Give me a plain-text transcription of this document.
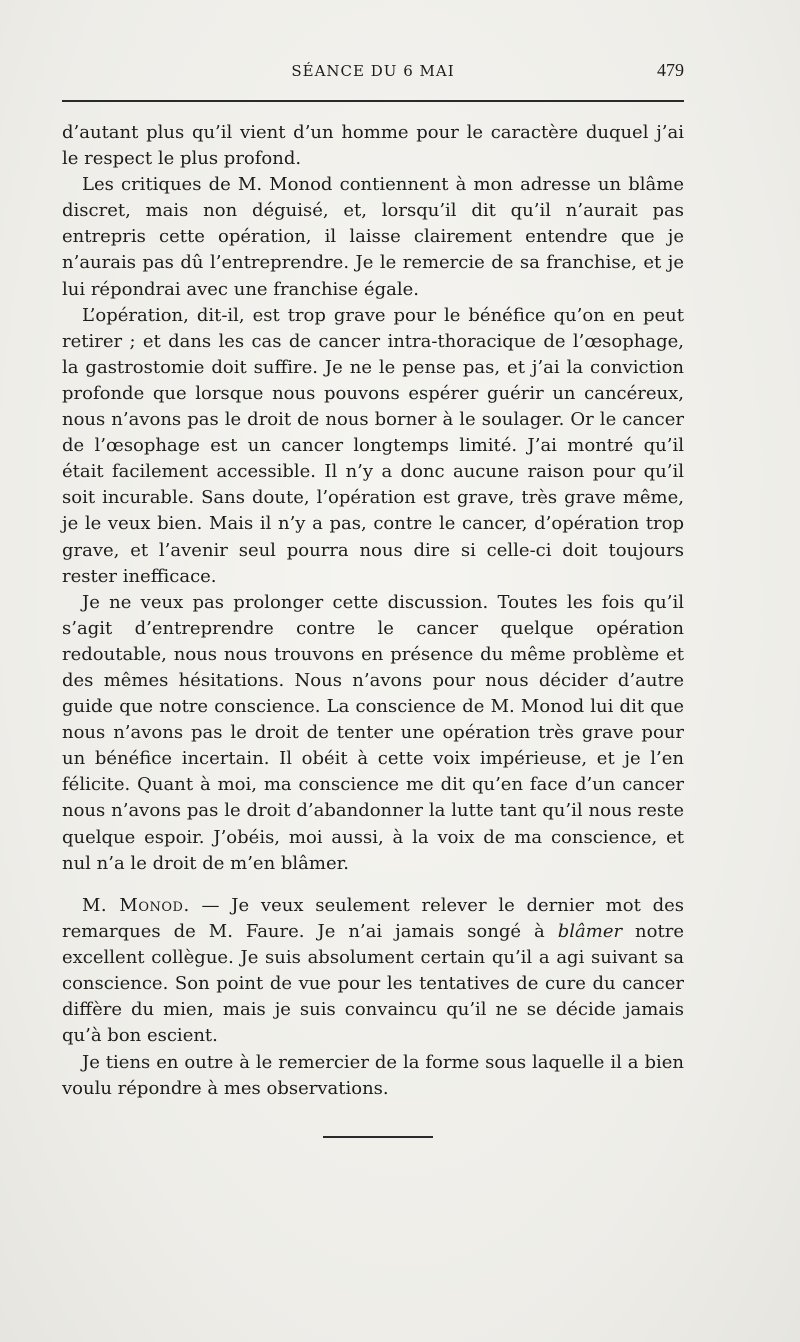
SÉANCE DU 6 MAI	479

d’autant plus qu’il vient d’un homme pour le caractère duquel j’ai le respect le plus profond.

Les critiques de M. Monod contiennent à mon adresse un blâme discret, mais non déguisé, et, lorsqu’il dit qu’il n’aurait pas entrepris cette opération, il laisse clairement entendre que je n’aurais pas dû l’entreprendre. Je le remercie de sa franchise, et je lui répondrai avec une franchise égale.

L’opération, dit-il, est trop grave pour le bénéfice qu’on en peut retirer ; et dans les cas de cancer intra-thoracique de l’œsophage, la gastrostomie doit suffire. Je ne le pense pas, et j’ai la conviction profonde que lorsque nous pouvons espérer guérir un cancéreux, nous n’avons pas le droit de nous borner à le soulager. Or le cancer de l’œsophage est un cancer longtemps limité. J’ai montré qu’il était facilement accessible. Il n’y a donc aucune raison pour qu’il soit incurable. Sans doute, l’opération est grave, très grave même, je le veux bien. Mais il n’y a pas, contre le cancer, d’opération trop grave, et l’avenir seul pourra nous dire si celle-ci doit toujours rester inefficace.

Je ne veux pas prolonger cette discussion. Toutes les fois qu’il s’agit d’entreprendre contre le cancer quelque opération redoutable, nous nous trouvons en présence du même problème et des mêmes hésitations. Nous n’avons pour nous décider d’autre guide que notre conscience. La conscience de M. Monod lui dit que nous n’avons pas le droit de tenter une opération très grave pour un bénéfice incertain. Il obéit à cette voix impérieuse, et je l’en félicite. Quant à moi, ma conscience me dit qu’en face d’un cancer nous n’avons pas le droit d’abandonner la lutte tant qu’il nous reste quelque espoir. J’obéis, moi aussi, à la voix de ma conscience, et nul n’a le droit de m’en blâmer.

M. Monod. — Je veux seulement relever le dernier mot des remarques de M. Faure. Je n’ai jamais songé à blâmer notre excellent collègue. Je suis absolument certain qu’il a agi suivant sa conscience. Son point de vue pour les tentatives de cure du cancer diffère du mien, mais je suis convaincu qu’il ne se décide jamais qu’à bon escient.

Je tiens en outre à le remercier de la forme sous laquelle il a bien voulu répondre à mes observations.
